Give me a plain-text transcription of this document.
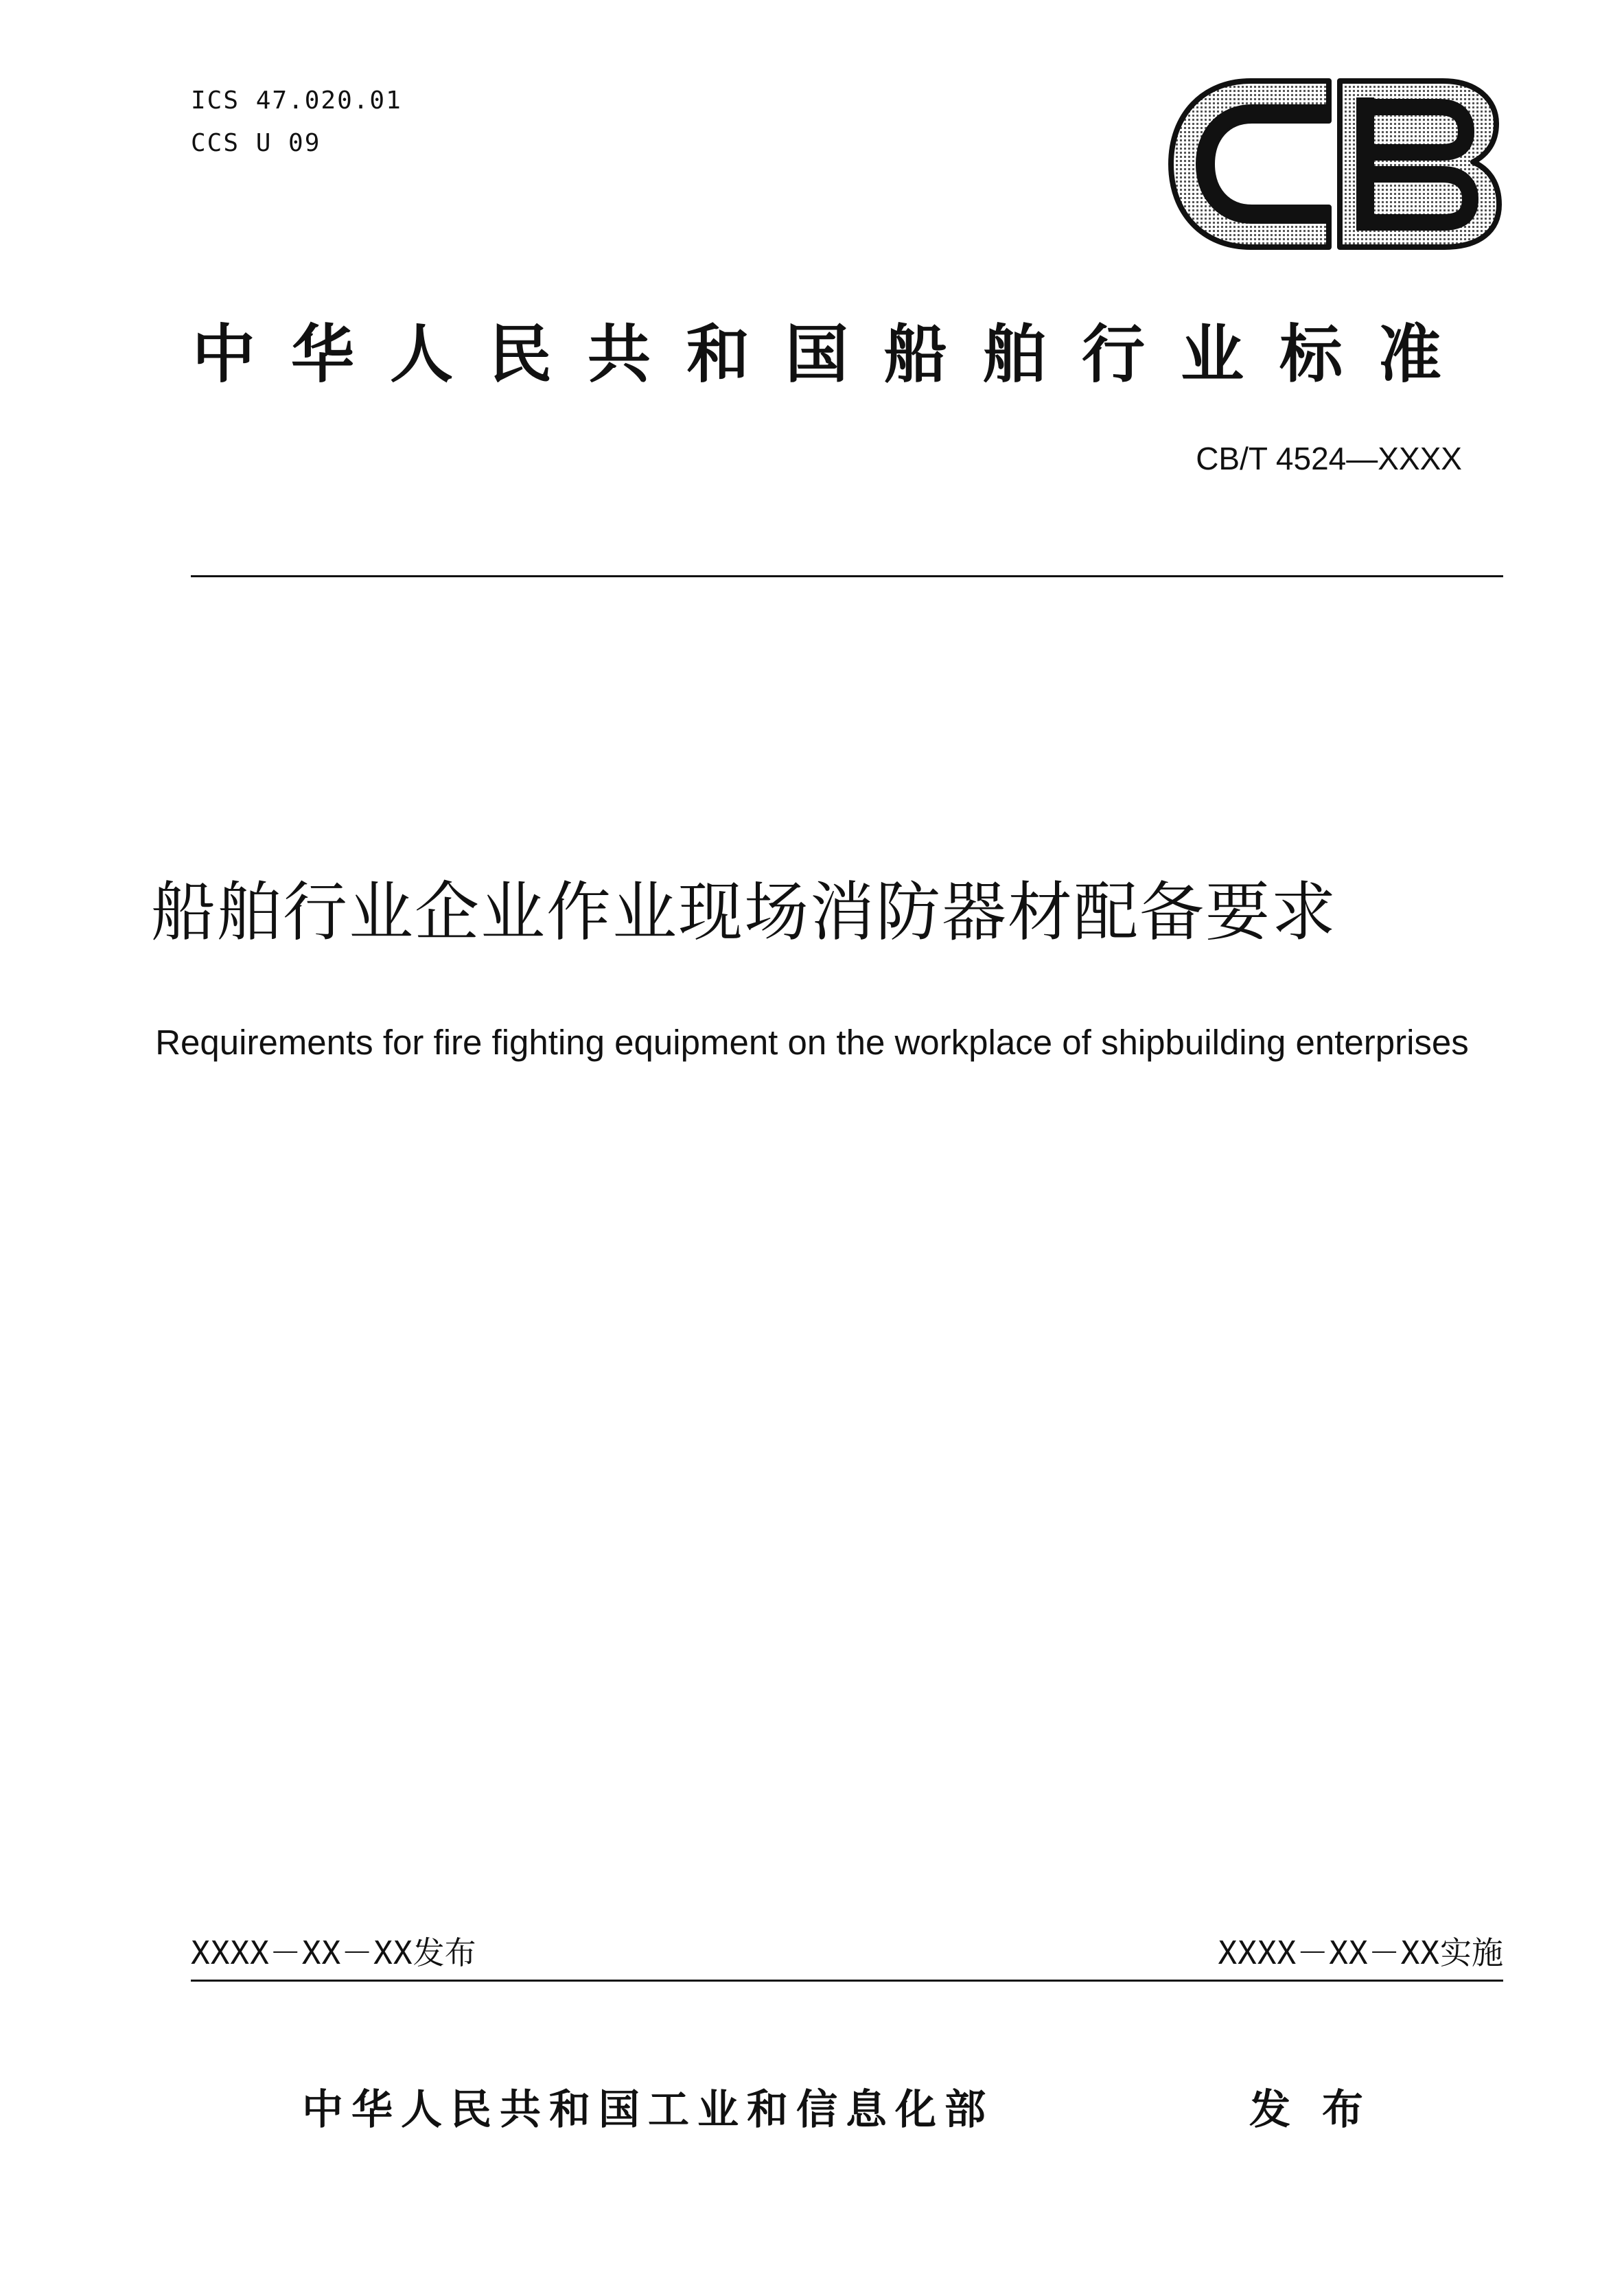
ICS 47.020.01
CCS U 09
中华人民共和国船舶行业标准
CB/T 4524—XXXX
船舶行业企业作业现场消防器材配备要求
Requirements for fire fighting equipment on the workplace of shipbuilding enterprises
XXXX－XX－XX发布	XXXX－XX－XX实施
中华人民共和国工业和信息化部	发布
